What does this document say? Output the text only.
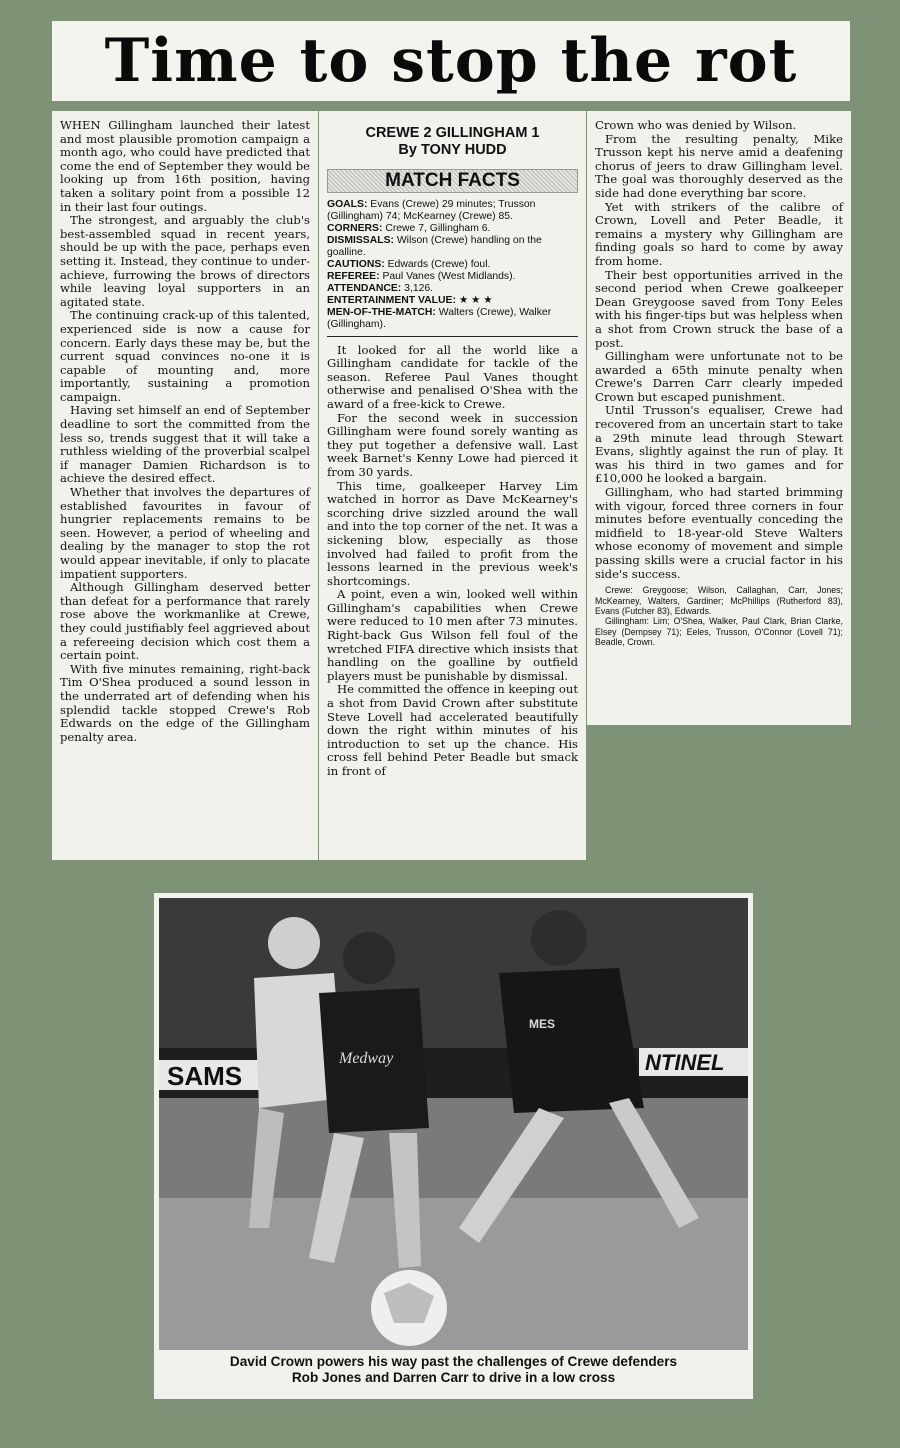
Time to stop the rot

WHEN Gillingham launched their latest and most plausible promotion campaign a month ago, who could have predicted that come the end of September they would be looking up from 16th position, having taken a solitary point from a possible 12 in their last four outings.

The strongest, and arguably the club's best-assembled squad in recent years, should be up with the pace, perhaps even setting it. Instead, they continue to under-achieve, furrowing the brows of directors while leaving loyal supporters in an agitated state.

The continuing crack-up of this talented, experienced side is now a cause for concern. Early days these may be, but the current squad convinces no-one it is capable of mounting and, more importantly, sustaining a promotion campaign.

Having set himself an end of September deadline to sort the committed from the less so, trends suggest that it will take a ruthless wielding of the proverbial scalpel if manager Damien Richardson is to achieve the desired effect.

Whether that involves the departures of established favourites in favour of hungrier replacements remains to be seen. However, a period of wheeling and dealing by the manager to stop the rot would appear inevitable, if only to placate impatient supporters.

Although Gillingham deserved better than defeat for a performance that rarely rose above the workmanlike at Crewe, they could justifiably feel aggrieved about a refereeing decision which cost them a certain point.

With five minutes remaining, right-back Tim O'Shea produced a sound lesson in the underrated art of defending when his splendid tackle stopped Crewe's Rob Edwards on the edge of the Gillingham penalty area.

CREWE 2 GILLINGHAM 1
By TONY HUDD
MATCH FACTS
GOALS: Evans (Crewe) 29 minutes; Trusson (Gillingham) 74; McKearney (Crewe) 85.
CORNERS: Crewe 7, Gillingham 6.
DISMISSALS: Wilson (Crewe) handling on the goalline.
CAUTIONS: Edwards (Crewe) foul.
REFEREE: Paul Vanes (West Midlands).
ATTENDANCE: 3,126.
ENTERTAINMENT VALUE: ★ ★ ★
MEN-OF-THE-MATCH: Walters (Crewe), Walker (Gillingham).

It looked for all the world like a Gillingham candidate for tackle of the season. Referee Paul Vanes thought otherwise and penalised O'Shea with the award of a free-kick to Crewe.

For the second week in succession Gillingham were found sorely wanting as they put together a defensive wall. Last week Barnet's Kenny Lowe had pierced it from 30 yards.

This time, goalkeeper Harvey Lim watched in horror as Dave McKearney's scorching drive sizzled around the wall and into the top corner of the net. It was a sickening blow, especially as those involved had failed to profit from the lessons learned in the previous week's shortcomings.

A point, even a win, looked well within Gillingham's capabilities when Crewe were reduced to 10 men after 73 minutes. Right-back Gus Wilson fell foul of the wretched FIFA directive which insists that handling on the goalline by outfield players must be punishable by dismissal.

He committed the offence in keeping out a shot from David Crown after substitute Steve Lovell had accelerated beautifully down the right within minutes of his introduction to set up the chance. His cross fell behind Peter Beadle but smack in front of

Crown who was denied by Wilson.

From the resulting penalty, Mike Trusson kept his nerve amid a deafening chorus of jeers to draw Gillingham level. The goal was thoroughly deserved as the side had done everything bar score.

Yet with strikers of the calibre of Crown, Lovell and Peter Beadle, it remains a mystery why Gillingham are finding goals so hard to come by away from home.

Their best opportunities arrived in the second period when Crewe goalkeeper Dean Greygoose saved from Tony Eeles with his finger-tips but was helpless when a shot from Crown struck the base of a post.

Gillingham were unfortunate not to be awarded a 65th minute penalty when Crewe's Darren Carr clearly impeded Crown but escaped punishment.

Until Trusson's equaliser, Crewe had recovered from an uncertain start to take a 29th minute lead through Stewart Evans, slightly against the run of play. It was his third in two games and for £10,000 he looked a bargain.

Gillingham, who had started brimming with vigour, forced three corners in four minutes before eventually conceding the midfield to 18-year-old Steve Walters whose economy of movement and simple passing skills were a crucial factor in his side's success.

Crewe: Greygoose; Wilson, Callaghan, Carr, Jones; McKearney, Walters, Gardiner; McPhillips (Rutherford 83), Evans (Futcher 83), Edwards.
Gillingham: Lim; O'Shea, Walker, Paul Clark, Brian Clarke, Elsey (Dempsey 71); Eeles, Trusson, O'Connor (Lovell 71); Beadle, Crown.
SAMS	NTINEL
Medway
MES
David Crown powers his way past the challenges of Crewe defenders
Rob Jones and Darren Carr to drive in a low cross
